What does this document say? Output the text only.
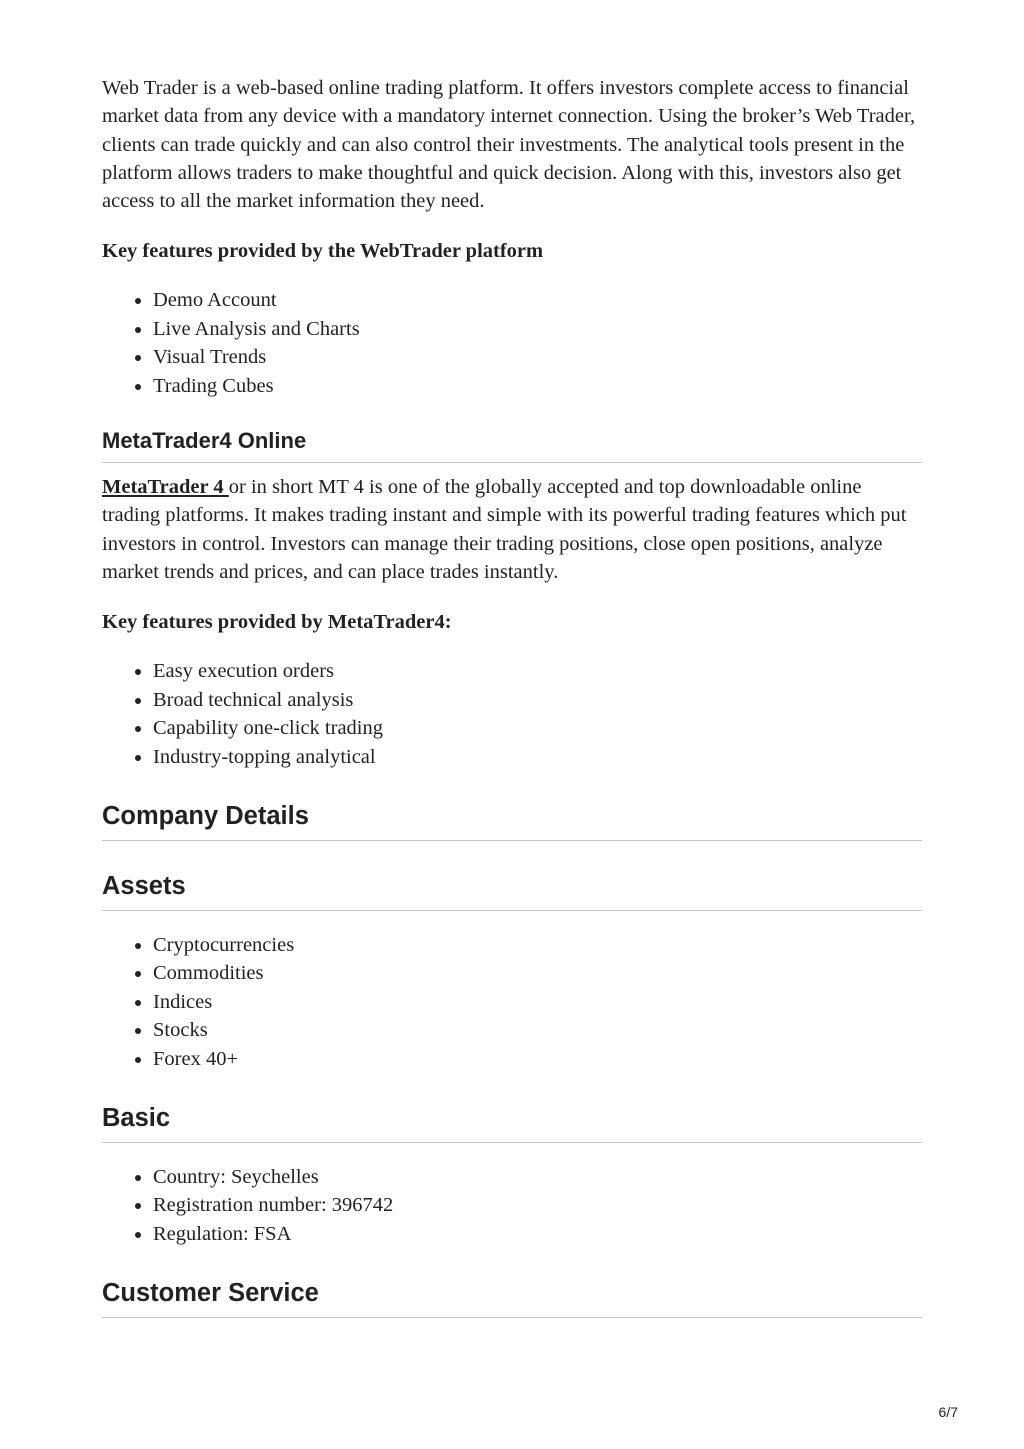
Web Trader is a web-based online trading platform. It offers investors complete access to financial market data from any device with a mandatory internet connection. Using the broker’s Web Trader, clients can trade quickly and can also control their investments. The analytical tools present in the platform allows traders to make thoughtful and quick decision. Along with this, investors also get access to all the market information they need.

Key features provided by the WebTrader platform

• Demo Account
• Live Analysis and Charts
• Visual Trends
• Trading Cubes
MetaTrader4 Online

MetaTrader 4 or in short MT 4 is one of the globally accepted and top downloadable online trading platforms. It makes trading instant and simple with its powerful trading features which put investors in control. Investors can manage their trading positions, close open positions, analyze market trends and prices, and can place trades instantly.

Key features provided by MetaTrader4:

• Easy execution orders
• Broad technical analysis
• Capability one-click trading
• Industry-topping analytical
Company Details
Assets
• Cryptocurrencies
• Commodities
• Indices
• Stocks
• Forex 40+
Basic
• Country: Seychelles
• Registration number: 396742
• Regulation: FSA
Customer Service
6/7
